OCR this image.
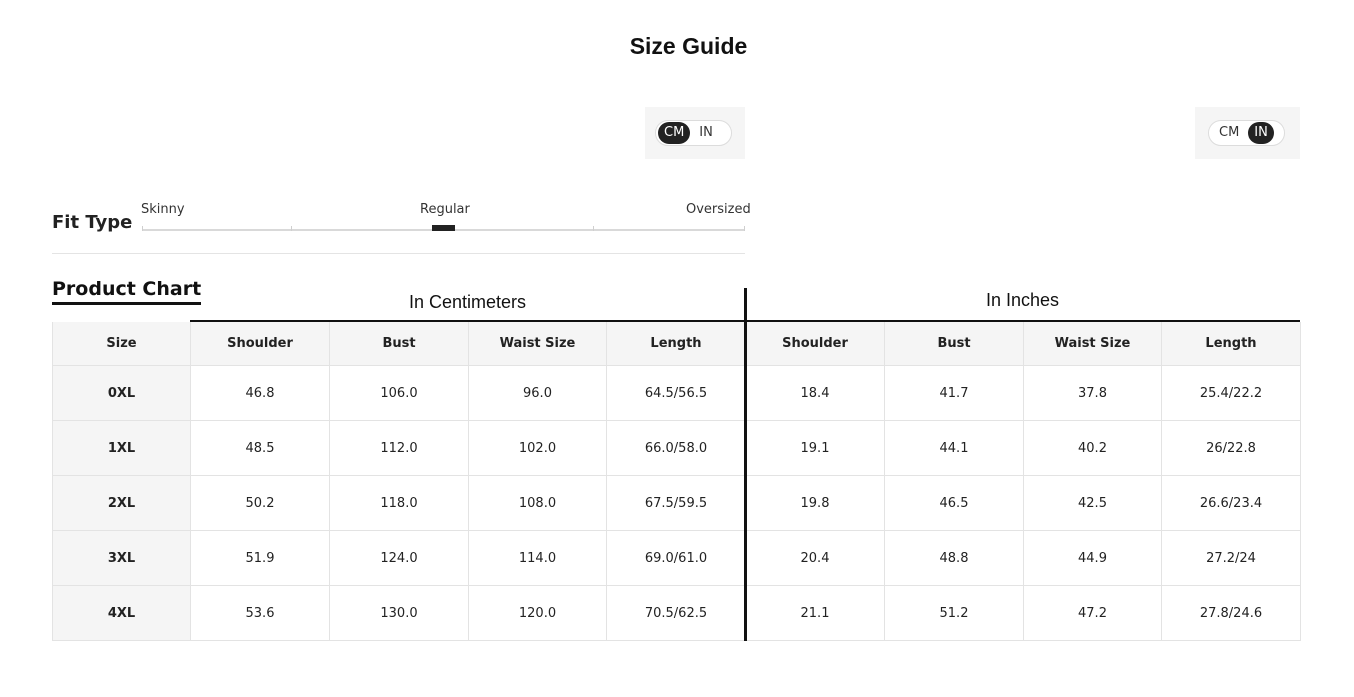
Size Guide
CM	IN	CM	IN
Fit Type
Skinny	Regular	Oversized
Product Chart
In Centimeters	In Inches
Size	Shoulder	Bust	Waist Size	Length	Shoulder	Bust	Waist Size	Length
0XL	46.8	106.0	96.0	64.5/56.5	18.4	41.7	37.8	25.4/22.2
1XL	48.5	112.0	102.0	66.0/58.0	19.1	44.1	40.2	26/22.8
2XL	50.2	118.0	108.0	67.5/59.5	19.8	46.5	42.5	26.6/23.4
3XL	51.9	124.0	114.0	69.0/61.0	20.4	48.8	44.9	27.2/24
4XL	53.6	130.0	120.0	70.5/62.5	21.1	51.2	47.2	27.8/24.6
